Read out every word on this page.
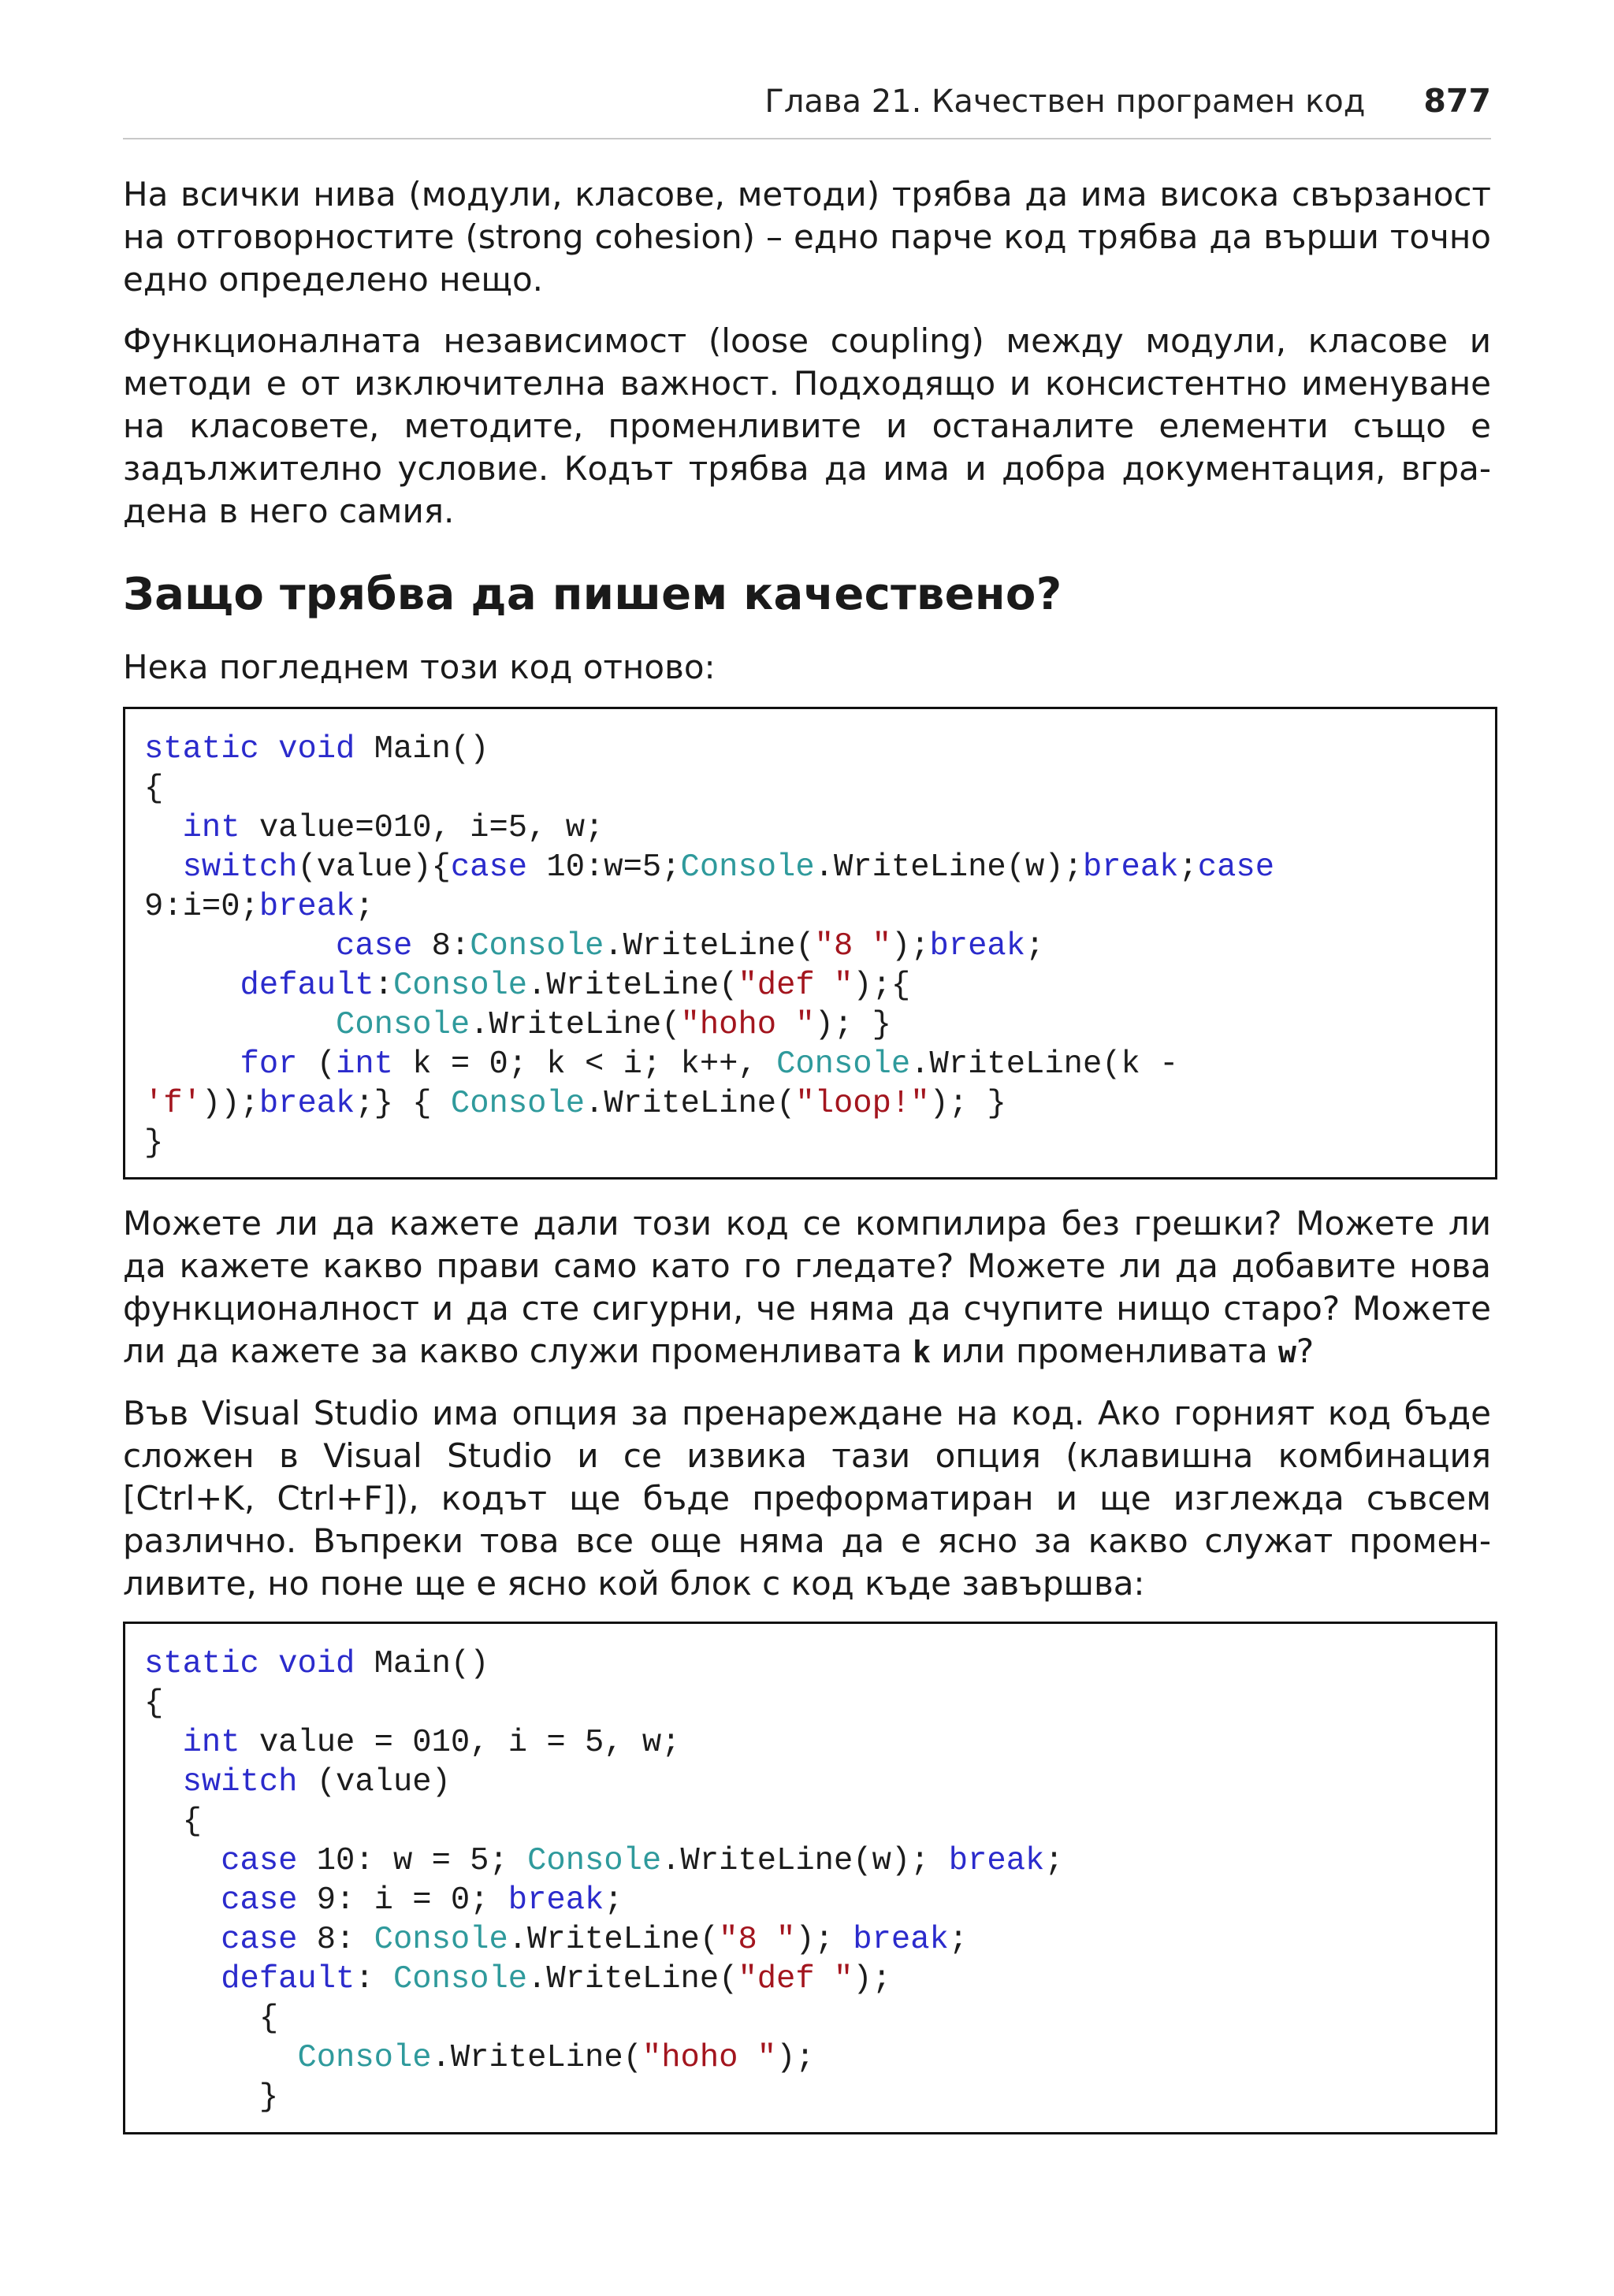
Глава 21. Качествен програмен код 877

На всички нива (модули, класове, методи) трябва да има висока свързаност на отговорностите (strong cohesion) – едно парче код трябва да върши точно едно определено нещо.

Функционалната независимост (loose coupling) между модули, класове и методи е от изключителна важност. Подходящо и консистентно именуване на класовете, методите, променливите и останалите елементи също е задължително условие. Кодът трябва да има и добра документация, вградена в него самия.

Защо трябва да пишем качествено?

Нека погледнем този код отново:

static void Main()
{
int value=010, i=5, w;
switch(value){case 10:w=5;Console.WriteLine(w);break;case
9:i=0;break;
case 8:Console.WriteLine("8 ");break;
default:Console.WriteLine("def ");{
Console.WriteLine("hoho "); }
for (int k = 0; k < i; k++, Console.WriteLine(k -
'f'));break;} { Console.WriteLine("loop!"); }
}

Можете ли да кажете дали този код се компилира без грешки? Можете ли да кажете какво прави само като го гледате? Можете ли да добавите нова функционалност и да сте сигурни, че няма да счупите нищо старо? Можете ли да кажете за какво служи променливата k или променливата w?

Във Visual Studio има опция за пренареждане на код. Ако горният код бъде сложен в Visual Studio и се извика тази опция (клавишна комбинация [Ctrl+K, Ctrl+F]), кодът ще бъде преформатиран и ще изглежда съвсем различно. Въпреки това все още няма да е ясно за какво служат променливите, но поне ще е ясно кой блок с код къде завършва:

static void Main()
{
int value = 010, i = 5, w;
switch (value)
{
case 10: w = 5; Console.WriteLine(w); break;
case 9: i = 0; break;
case 8: Console.WriteLine("8 "); break;
default: Console.WriteLine("def ");
{
Console.WriteLine("hoho ");
}
